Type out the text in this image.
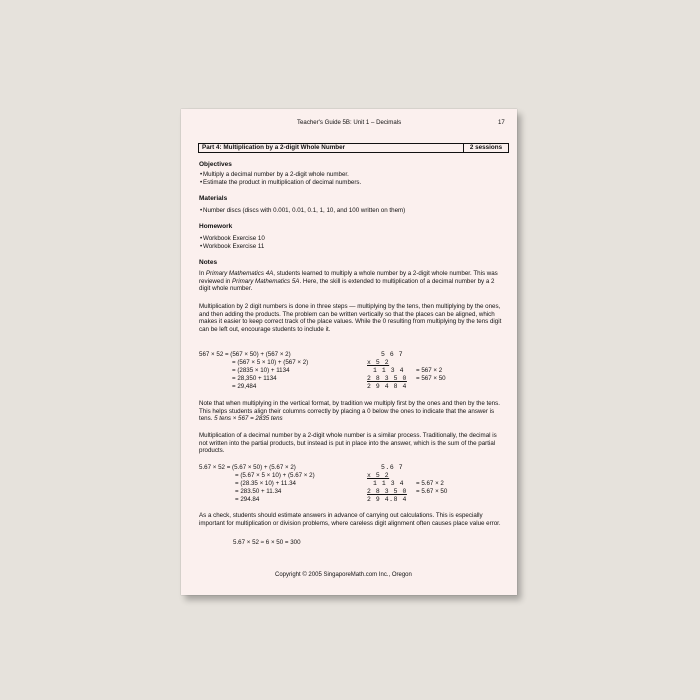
Teacher's Guide 5B: Unit 1 – Decimals	17
Part 4: Multiplication by a 2-digit Whole Number	2 sessions
Objectives
• Multiply a decimal number by a 2-digit whole number.
• Estimate the product in multiplication of decimal numbers.
Materials
• Number discs (discs with 0.001, 0.01, 0.1, 1, 10, and 100 written on them)
Homework
• Workbook Exercise 10
• Workbook Exercise 11
Notes
In Primary Mathematics 4A, students learned to multiply a whole number by a 2-digit whole number. This was reviewed in Primary Mathematics 5A. Here, the skill is extended to multiplication of a decimal number by a 2 digit whole number.
Multiplication by 2 digit numbers is done in three steps — multiplying by the tens, then multiplying by the ones, and then adding the products. The problem can be written vertically so that the places can be aligned, which makes it easier to keep correct track of the place values. While the 0 resulting from multiplying by the tens digit can be left out, encourage students to include it.
567 × 52 = (567 × 50) + (567 × 2)
= (567 × 5 × 10) + (567 × 2)
= (2835 × 10) + 1134
= 28,350 + 1134
= 29,484
5 6 7
x 5 2
1 1 3 4 = 567 × 2
2 8 3 5 0 = 567 × 50
2 9 4 8 4
Note that when multiplying in the vertical format, by tradition we multiply first by the ones and then by the tens. This helps students align their columns correctly by placing a 0 below the ones to indicate that the answer is tens. 5 tens × 567 = 2835 tens
Multiplication of a decimal number by a 2-digit whole number is a similar process. Traditionally, the decimal is not written into the partial products, but instead is put in place into the answer, which is the sum of the partial products.
5.67 × 52 = (5.67 × 50) + (5.67 × 2)
= (5.67 × 5 × 10) + (5.67 × 2)
= (28.35 × 10) + 11.34
= 283.50 + 11.34
= 294.84
5.6 7
x 5 2
1 1 3 4 = 5.67 × 2
2 8 3 5 0 = 5.67 × 50
2 9 4.8 4
As a check, students should estimate answers in advance of carrying out calculations. This is especially important for multiplication or division problems, where careless digit alignment often causes place value error.
5.67 × 52 ≈ 6 × 50 = 300
Copyright © 2005 SingaporeMath.com Inc., Oregon
